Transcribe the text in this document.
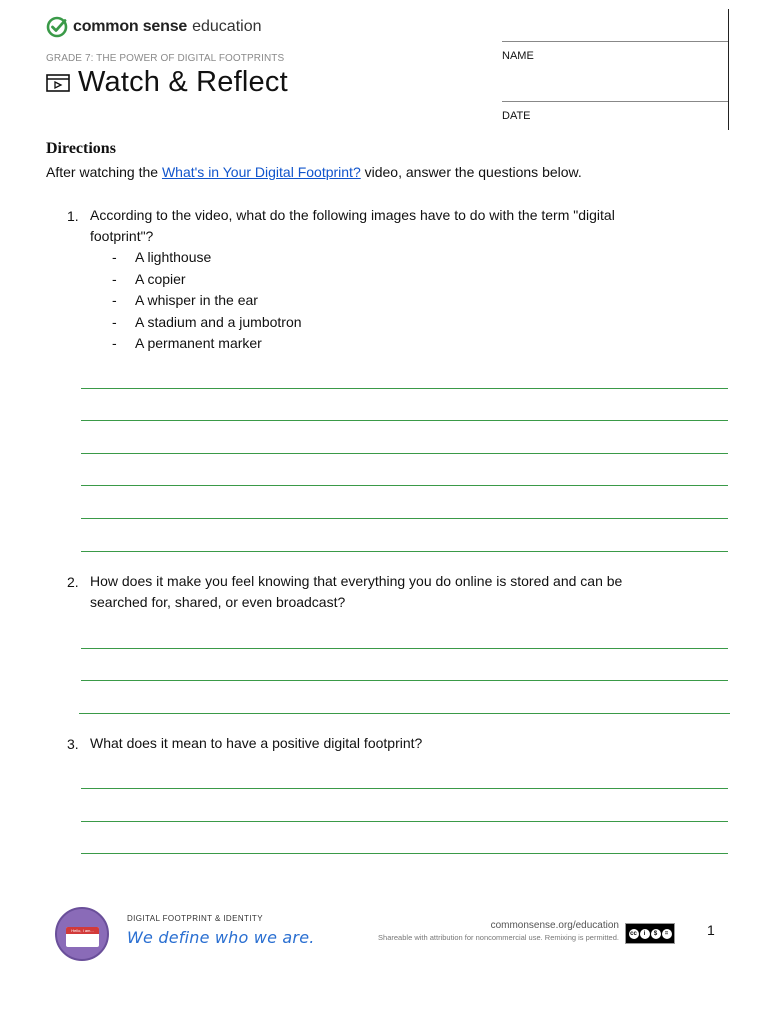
common sense education
GRADE 7: THE POWER OF DIGITAL FOOTPRINTS
Watch & Reflect
NAME
DATE
Directions
After watching the What's in Your Digital Footprint? video, answer the questions below.
1. According to the video, what do the following images have to do with the term "digital
footprint"?
-	A lighthouse
-	A copier
-	A whisper in the ear
-	A stadium and a jumbotron
-	A permanent marker
2. How does it make you feel knowing that everything you do online is stored and can be
searched for, shared, or even broadcast?
3. What does it mean to have a positive digital footprint?
Hello, I am...
DIGITAL FOOTPRINT & IDENTITY
We define who we are.
commonsense.org/education
Shareable with attribution for noncommercial use. Remixing is permitted. cc	i	$	=	1
